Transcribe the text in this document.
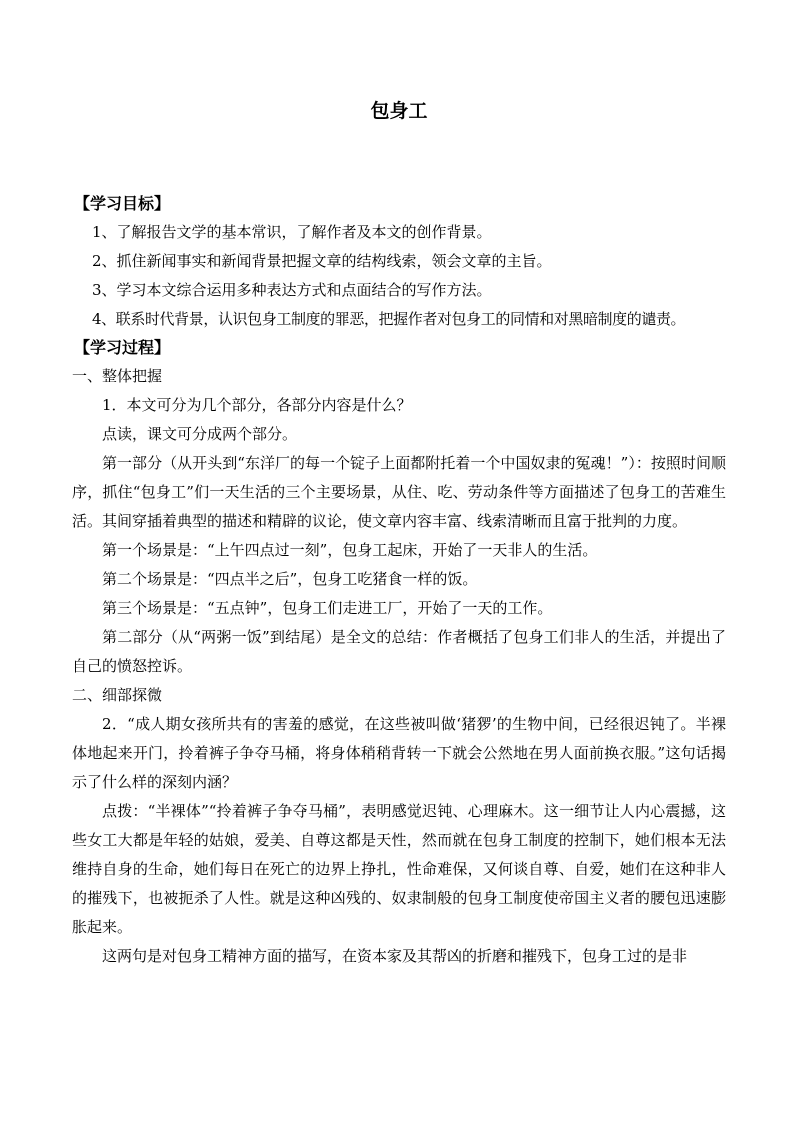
包身工
【学习目标】

1、了解报告文学的基本常识，了解作者及本文的创作背景。

2、抓住新闻事实和新闻背景把握文章的结构线索，领会文章的主旨。

3、学习本文综合运用多种表达方式和点面结合的写作方法。

4、联系时代背景，认识包身工制度的罪恶，把握作者对包身工的同情和对黑暗制度的谴责。

【学习过程】

一、整体把握

1．本文可分为几个部分，各部分内容是什么？

点读，课文可分成两个部分。

第一部分（从开头到“东洋厂的每一个锭子上面都附托着一个中国奴隶的冤魂！”）：按照时间顺序，抓住“包身工”们一天生活的三个主要场景，从住、吃、劳动条件等方面描述了包身工的苦难生活。其间穿插着典型的描述和精辟的议论，使文章内容丰富、线索清晰而且富于批判的力度。

第一个场景是：“上午四点过一刻”，包身工起床，开始了一天非人的生活。

第二个场景是：“四点半之后”，包身工吃猪食一样的饭。

第三个场景是：“五点钟”，包身工们走进工厂，开始了一天的工作。

第二部分（从“两粥一饭”到结尾）是全文的总结：作者概括了包身工们非人的生活，并提出了自己的愤怒控诉。

二、细部探微

2．“成人期女孩所共有的害羞的感觉，在这些被叫做‘猪猡’的生物中间，已经很迟钝了。半裸体地起来开门，拎着裤子争夺马桶，将身体稍稍背转一下就会公然地在男人面前换衣服。”这句话揭示了什么样的深刻内涵？

点拨：“半裸体”“拎着裤子争夺马桶”，表明感觉迟钝、心理麻木。这一细节让人内心震撼，这些女工大都是年轻的姑娘，爱美、自尊这都是天性，然而就在包身工制度的控制下，她们根本无法维持自身的生命，她们每日在死亡的边界上挣扎，性命难保，又何谈自尊、自爱，她们在这种非人的摧残下，也被扼杀了人性。就是这种凶残的、奴隶制般的包身工制度使帝国主义者的腰包迅速膨胀起来。

这两句是对包身工精神方面的描写，在资本家及其帮凶的折磨和摧残下，包身工过的是非
